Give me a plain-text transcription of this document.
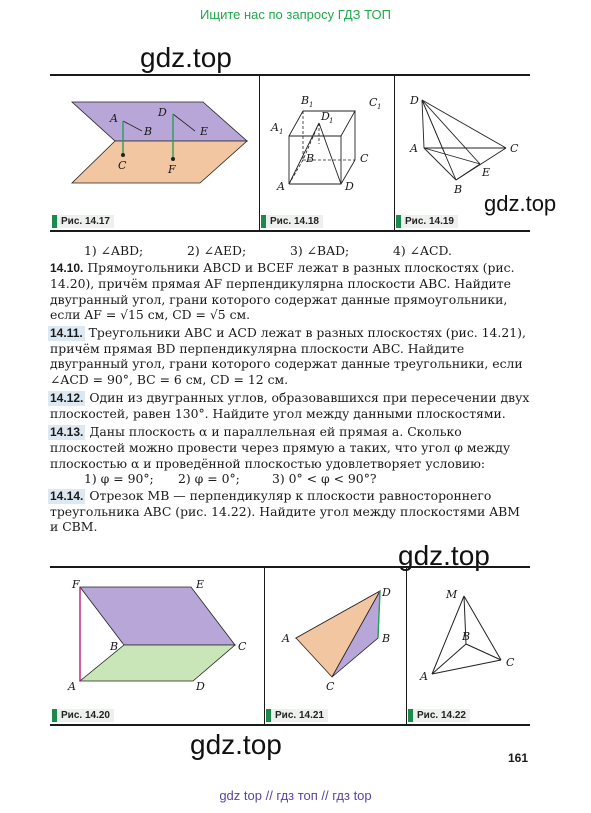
Ищите нас по запросу ГДЗ ТОП
gdz.top
gdz.top
gdz.top
gdz.top
A
B
C
D
E
F
Рис. 14.17
B 1	C 1
A 1
D 1
B	C
A	D
Рис. 14.18
D
A	C
E
B
Рис. 14.19
1) ∠ABD;	2) ∠AED;	3) ∠BAD;	4) ∠ACD.
14.10. Прямоугольники ABCD и BCEF лежат в разных плоскостях (рис. 14.20), причём прямая AF перпендикулярна плоскости ABC. Найдите двугранный угол, грани которого содержат данные прямоугольники, если AF = √15 см, CD = √5 см.
14.11. Треугольники ABC и ACD лежат в разных плоскостях (рис. 14.21), причём прямая BD перпендикулярна плоскости ABC. Найдите двугранный угол, грани которого содержат данные треугольники, если ∠ACD = 90°, BC = 6 см, CD = 12 см.
14.12. Один из двугранных углов, образовавшихся при пересечении двух плоскостей, равен 130°. Найдите угол между данными плоскостями.
14.13. Даны плоскость α и параллельная ей прямая a. Сколько плоскостей можно провести через прямую a таких, что угол φ между плоскостью α и проведённой плоскостью удовлетворяет условию:
1) φ = 90°;	2) φ = 0°;	3) 0° < φ < 90°?
14.14. Отрезок MB — перпендикуляр к плоскости равностороннего треугольника ABC (рис. 14.22). Найдите угол между плоскостями ABM и CBM.
F	E
B	C
A	D
Рис. 14.20
A
D
B
C
Рис. 14.21
M
B
C
A
Рис. 14.22
161
gdz top // гдз топ // гдз top
